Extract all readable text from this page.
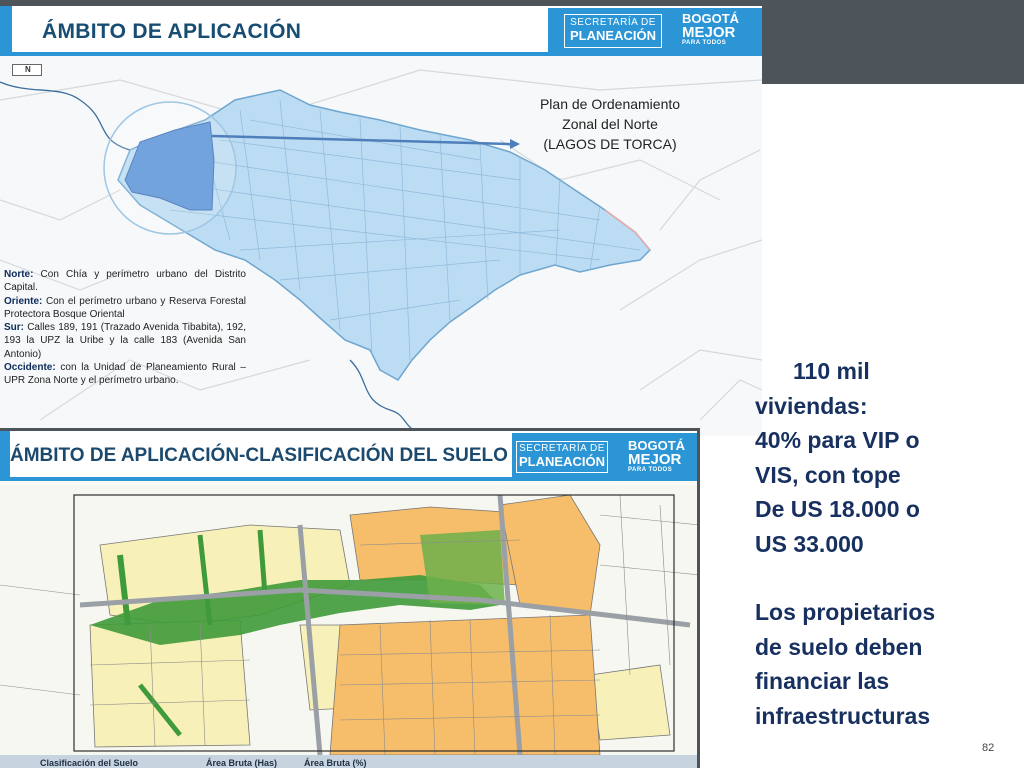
ÁMBITO DE APLICACIÓN	SECRETARÍA DE
PLANEACIÓN
BOGOTÁ
MEJOR
PARA TODOS
N
Plan de Ordenamiento
Zonal del Norte
(LAGOS DE TORCA)

Norte: Con Chía y perímetro urbano del Distrito Capital.

Oriente: Con el perímetro urbano y Reserva Forestal Protectora Bosque Oriental

Sur: Calles 189, 191 (Trazado Avenida Tibabita), 192, 193 la UPZ la Uribe y la calle 183 (Avenida San Antonio)

Occidente: con la Unidad de Planeamiento Rural – UPR Zona Norte y el perímetro urbano.

ÁMBITO DE APLICACIÓN-CLASIFICACIÓN DEL SUELO SECRETARÍA DE
PLANEACIÓN
BOGOTÁ
MEJOR
PARA TODOS
Clasificación del Suelo	Área Bruta (Has)	Área Bruta (%)
110 mil
viviendas:
40% para VIP o
VIS, con tope
De US 18.000 o
US 33.000
Los propietarios
de suelo deben
financiar las
infraestructuras
82
